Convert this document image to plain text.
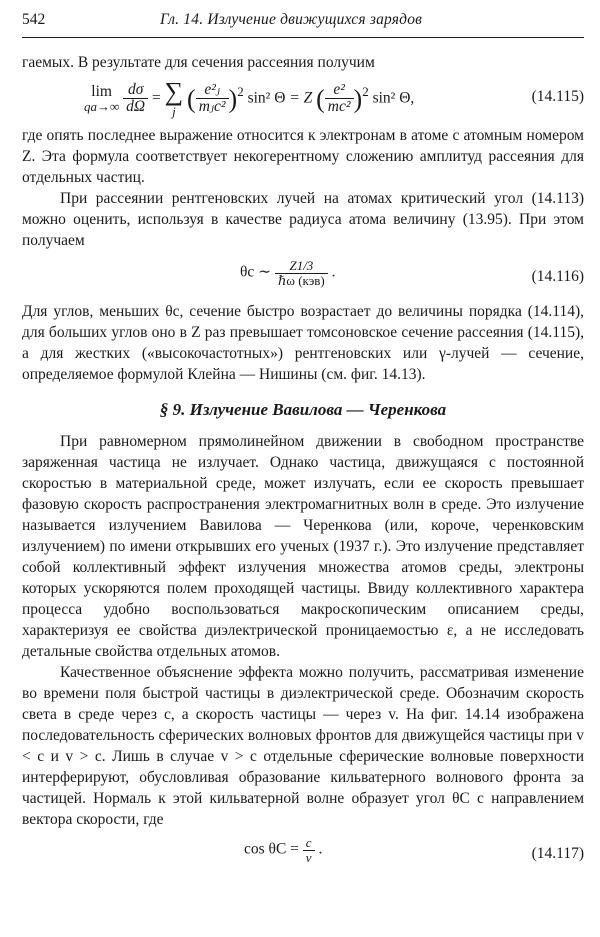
542	Гл. 14. Излучение движущихся зарядов

гаемых. В результате для сечения рассеяния получим

lim
qa→∞
$\frac{d\sigma}{d\Omega}$ = ∑
j ( $\frac{\text{e²ⱼ}}{\text{mⱼc²}} )^2$ sin² Θ = Z ( $\frac{\text{e²}}{\text{mc²}} )^2$ sin² Θ,	(14.115)

где опять последнее выражение относится к электронам в атоме с атомным номером Z. Эта формула соответствует некогерентному сложению амплитуд рассеяния для отдельных частиц.

При рассеянии рентгеновских лучей на атомах критический угол (14.113) можно оценить, используя в качестве радиуса атома величину (13.95). При этом получаем

θc ∼ $\frac{Z1/3}{\text{ℏω (кэв)}}$ .	(14.116)

Для углов, меньших θc, сечение быстро возрастает до величины порядка (14.114), для больших углов оно в Z раз превышает томсоновское сечение рассеяния (14.115), а для жестких («высокочастотных») рентгеновских или γ-лучей — сечение, определяемое формулой Клейна — Нишины (см. фиг. 14.13).

§ 9. Излучение Вавилова — Черенкова

При равномерном прямолинейном движении в свободном пространстве заряженная частица не излучает. Однако частица, движущаяся с постоянной скоростью в материальной среде, может излучать, если ее скорость превышает фазовую скорость распространения электромагнитных волн в среде. Это излучение называется излучением Вавилова — Черенкова (или, короче, черенковским излучением) по имени открывших его ученых (1937 г.). Это излучение представляет собой коллективный эффект излучения множества атомов среды, электроны которых ускоряются полем проходящей частицы. Ввиду коллективного характера процесса удобно воспользоваться макроскопическим описанием среды, характеризуя ее свойства диэлектрической проницаемостью ε, а не исследовать детальные свойства отдельных атомов.

Качественное объяснение эффекта можно получить, рассматривая изменение во времени поля быстрой частицы в диэлектрической среде. Обозначим скорость света в среде через c, а скорость частицы — через v. На фиг. 14.14 изображена последовательность сферических волновых фронтов для движущейся частицы при v < c и v > c. Лишь в случае v > c отдельные сферические волновые поверхности интерферируют, обусловливая образование кильватерного волнового фронта за частицей. Нормаль к этой кильватерной волне образует угол θC с направлением вектора скорости, где

$\cos \theta C = \frac{c}{v}$ .	(14.117)
